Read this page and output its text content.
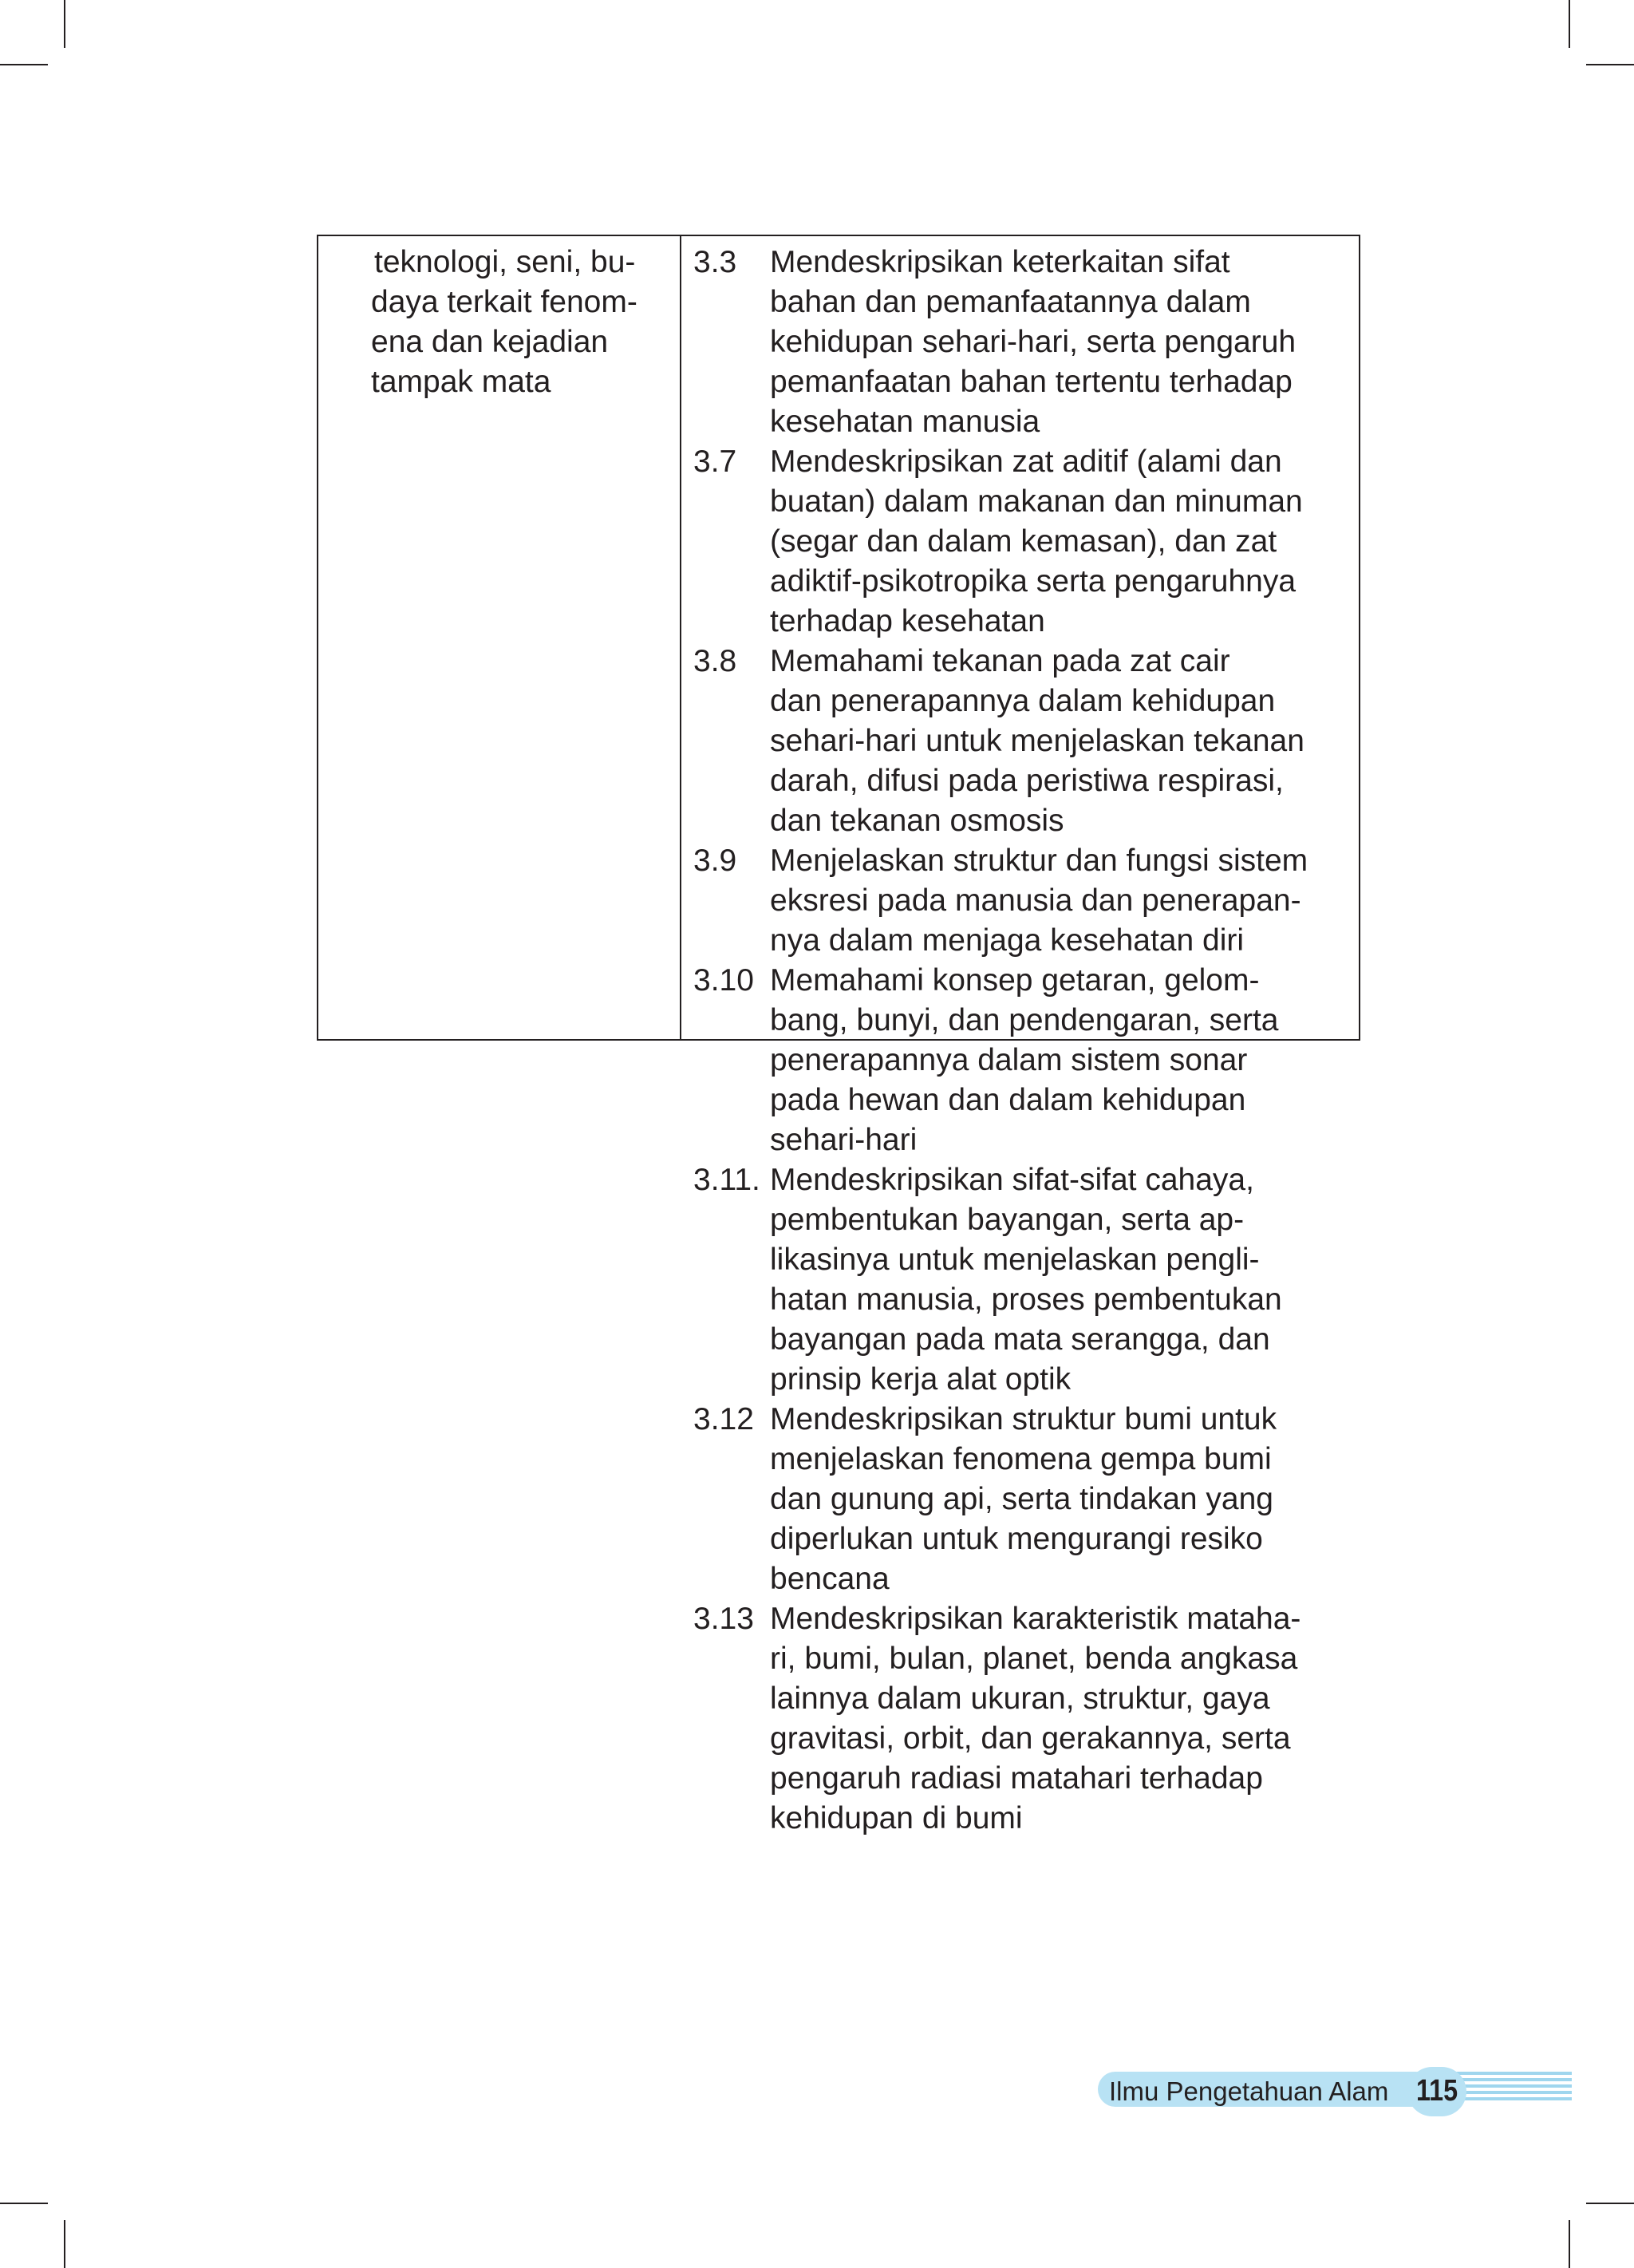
teknologi, seni, bu-
daya terkait fenom-
ena dan kejadian
tampak mata
3.3 Mendeskripsikan keterkaitan sifat
bahan dan pemanfaatannya dalam
kehidupan sehari-hari, serta pengaruh
pemanfaatan bahan tertentu terhadap
kesehatan manusia
3.7 Mendeskripsikan zat aditif (alami dan
buatan) dalam makanan dan minuman
(segar dan dalam kemasan), dan zat
adiktif-psikotropika serta pengaruhnya
terhadap kesehatan
3.8 Memahami tekanan pada zat cair
dan penerapannya dalam kehidupan
sehari-hari untuk menjelaskan tekanan
darah, difusi pada peristiwa respirasi,
dan tekanan osmosis
3.9 Menjelaskan struktur dan fungsi sistem
eksresi pada manusia dan penerapan-
nya dalam menjaga kesehatan diri
3.10 Memahami konsep getaran, gelom-
bang, bunyi, dan pendengaran, serta
penerapannya dalam sistem sonar
pada hewan dan dalam kehidupan
sehari-hari
3.11. Mendeskripsikan sifat-sifat cahaya,
pembentukan bayangan, serta ap-
likasinya untuk menjelaskan pengli-
hatan manusia, proses pembentukan
bayangan pada mata serangga, dan
prinsip kerja alat optik
3.12 Mendeskripsikan struktur bumi untuk
menjelaskan fenomena gempa bumi
dan gunung api, serta tindakan yang
diperlukan untuk mengurangi resiko
bencana
3.13 Mendeskripsikan karakteristik mataha-
ri, bumi, bulan, planet, benda angkasa
lainnya dalam ukuran, struktur, gaya
gravitasi, orbit, dan gerakannya, serta
pengaruh radiasi matahari terhadap
kehidupan di bumi
Ilmu Pengetahuan Alam 115
